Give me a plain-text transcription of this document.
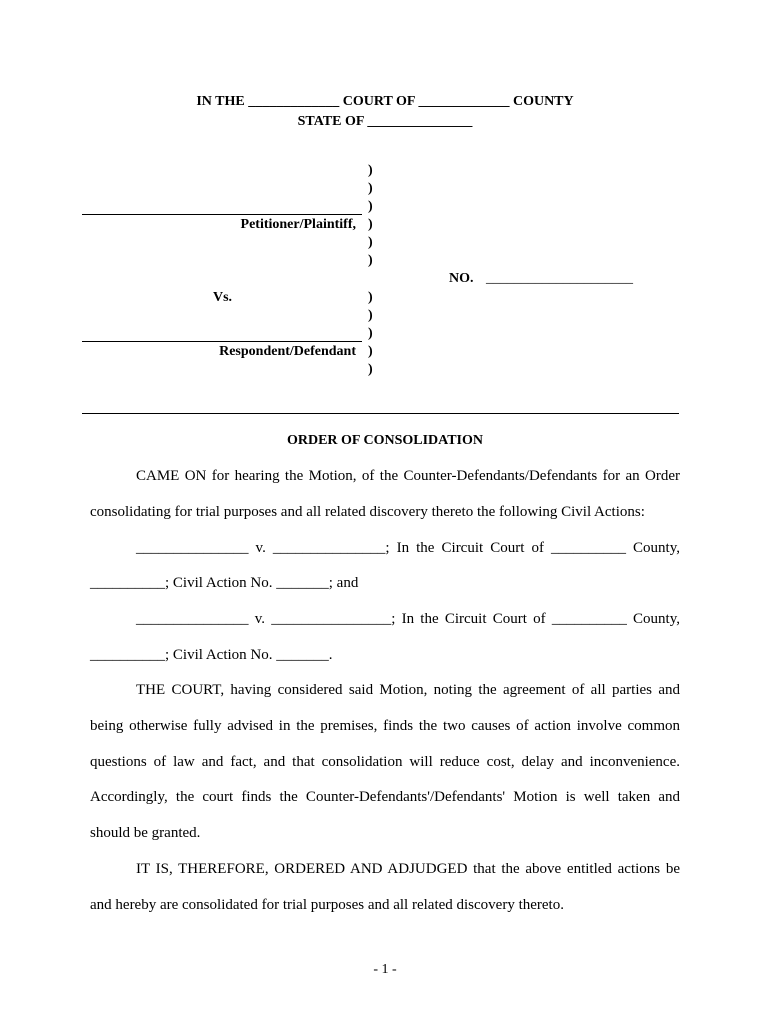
IN THE _____________ COURT OF _____________ COUNTY
STATE OF _______________
)
)
)
)
)
)
)
)
)
)
)
Petitioner/Plaintiff,
Vs.
Respondent/Defendant
NO. _____________________
ORDER OF CONSOLIDATION
CAME ON for hearing the Motion, of the Counter-Defendants/Defendants for an Order
consolidating for trial purposes and all related discovery thereto the following Civil Actions:
_______________ v. _______________; In the Circuit Court of __________ County,
__________; Civil Action No. _______; and
_______________ v. ________________; In the Circuit Court of __________ County,
__________; Civil Action No. _______.
THE COURT, having considered said Motion, noting the agreement of all parties and
being otherwise fully advised in the premises, finds the two causes of action involve common
questions of law and fact, and that consolidation will reduce cost, delay and inconvenience.
Accordingly, the court finds the Counter-Defendants'/Defendants' Motion is well taken and
should be granted.
IT IS, THEREFORE, ORDERED AND ADJUDGED that the above entitled actions be
and hereby are consolidated for trial purposes and all related discovery thereto.
- 1 -
